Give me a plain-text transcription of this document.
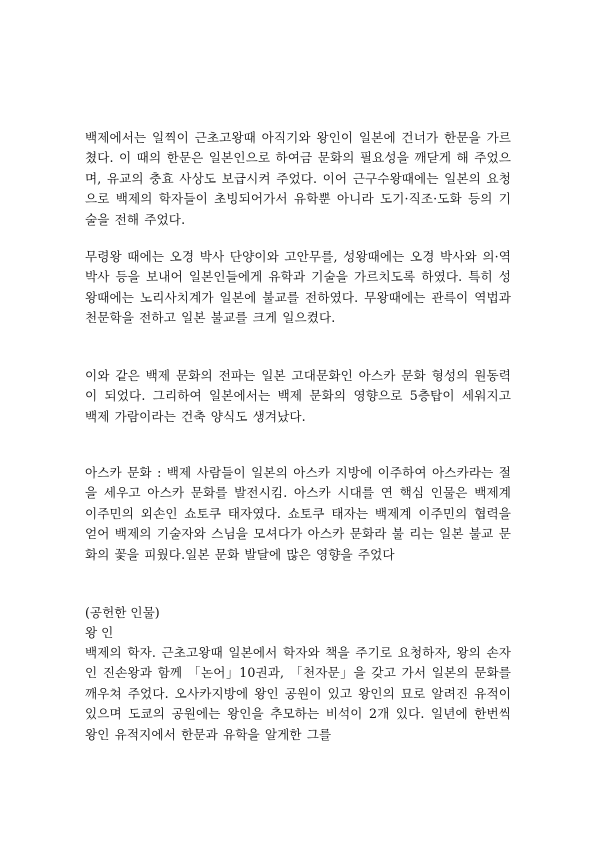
백제에서는 일찍이 근초고왕때 아직기와 왕인이 일본에 건너가 한문을 가르쳤다. 이 때의 한문은 일본인으로 하여금 문화의 필요성을 깨닫게 해 주었으며, 유교의 충효 사상도 보급시켜 주었다. 이어 근구수왕때에는 일본의 요청으로 백제의 학자들이 초빙되어가서 유학뿐 아니라 도기·직조·도화 등의 기술을 전해 주었다.

무령왕 때에는 오경 박사 단양이와 고안무를, 성왕때에는 오경 박사와 의·역 박사 등을 보내어 일본인들에게 유학과 기술을 가르치도록 하였다. 특히 성왕때에는 노리사치계가 일본에 불교를 전하였다. 무왕때에는 관륵이 역법과 천문학을 전하고 일본 불교를 크게 일으켰다.

이와 같은 백제 문화의 전파는 일본 고대문화인 아스카 문화 형성의 원동력이 되었다. 그리하여 일본에서는 백제 문화의 영향으로 5층탑이 세워지고 백제 가람이라는 건축 양식도 생겨났다.

아스카 문화 : 백제 사람들이 일본의 아스카 지방에 이주하여 아스카라는 절을 세우고 아스카 문화를 발전시킴. 아스카 시대를 연 핵심 인물은 백제계 이주민의 외손인 쇼토쿠 태자였다. 쇼토쿠 태자는 백제계 이주민의 협력을 얻어 백제의 기술자와 스님을 모셔다가 아스카 문화라 불 리는 일본 불교 문화의 꽃을 피웠다.일본 문화 발달에 많은 영향을 주었다

(공헌한 인물)

왕 인

백제의 학자. 근초고왕때 일본에서 학자와 책을 주기로 요청하자, 왕의 손자인 진손왕과 함께 「논어」10권과, 「천자문」을 갖고 가서 일본의 문화를 깨우쳐 주었다. 오사카지방에 왕인 공원이 있고 왕인의 묘로 알려진 유적이 있으며 도쿄의 공원에는 왕인을 추모하는 비석이 2개 있다. 일년에 한번씩 왕인 유적지에서 한문과 유학을 알게한 그를
